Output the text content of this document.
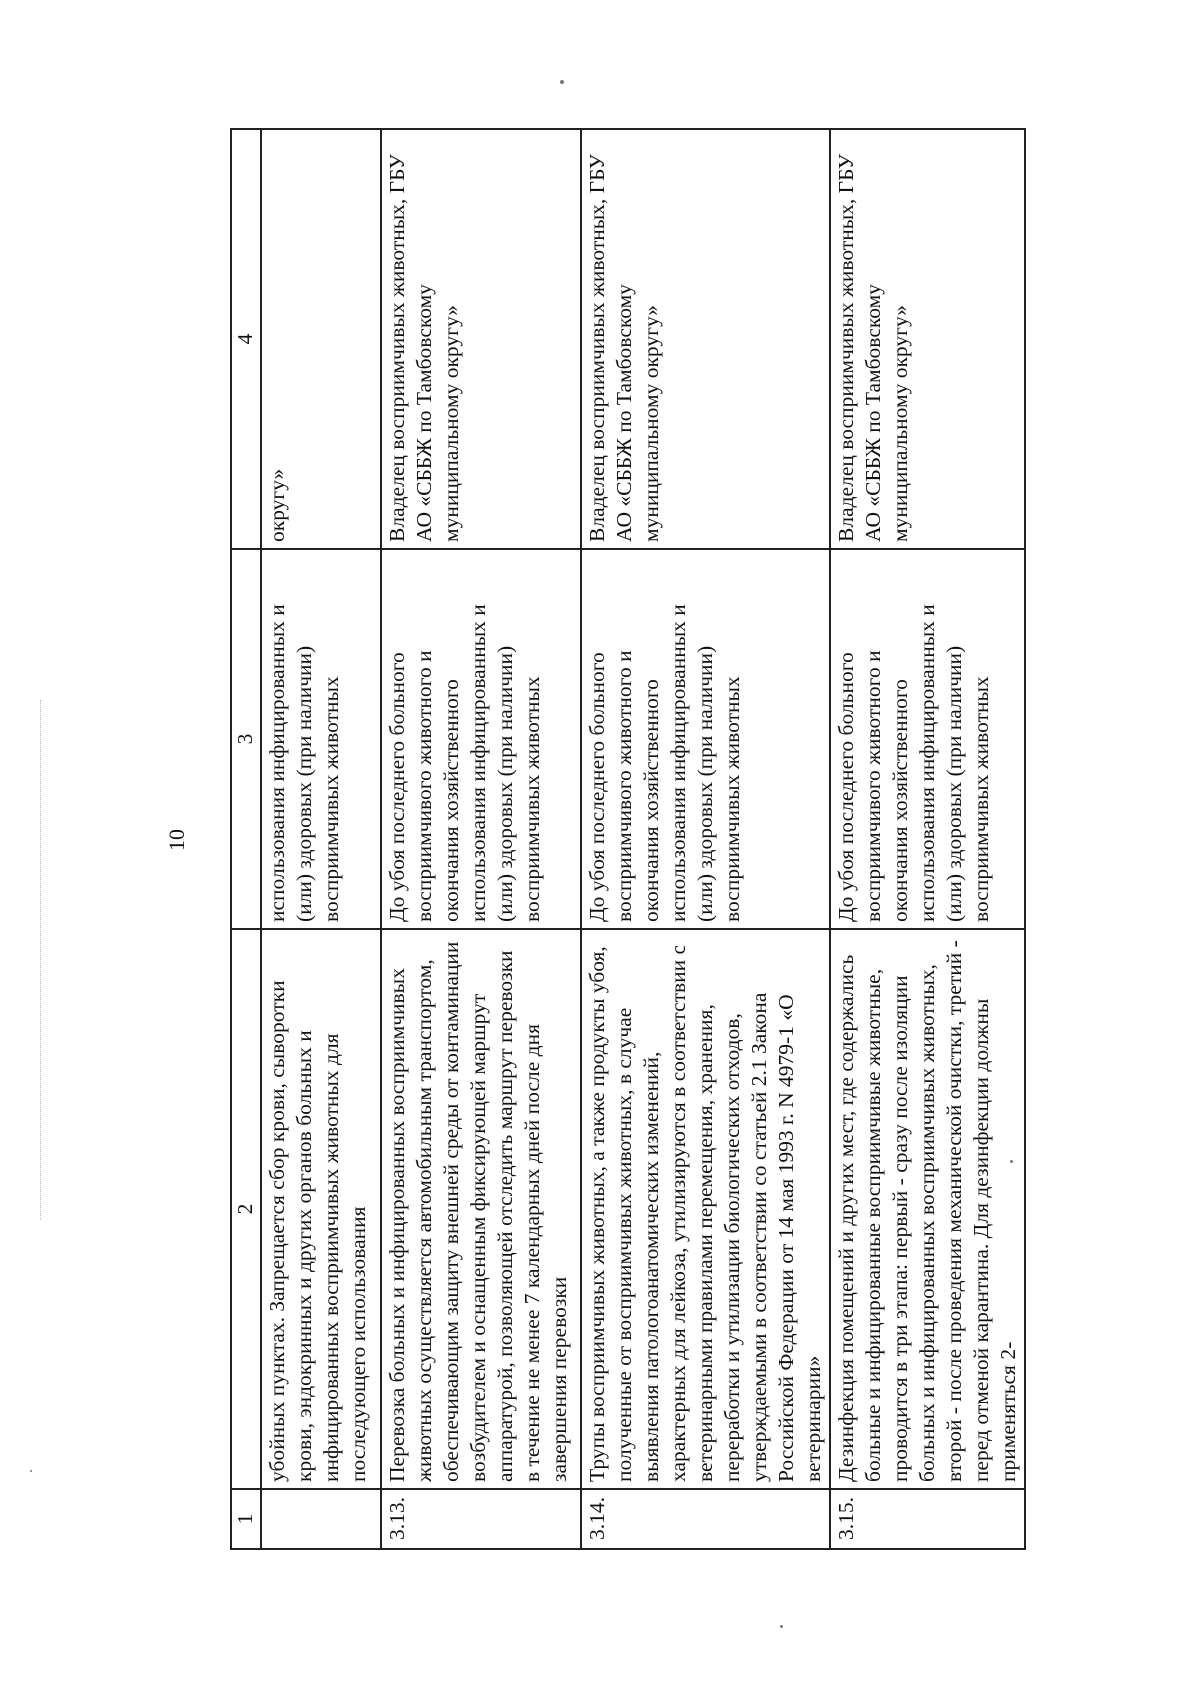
10
1	2	3	4
	убойных пунктах. Запрещается сбор крови, сыворотки крови, эндокринных и других органов больных и инфицированных восприимчивых животных для последующего использования	использования инфицированных и (или) здоровых (при наличии) восприимчивых животных	округу»
3.13.	Перевозка больных и инфицированных восприимчивых животных осуществляется автомобильным транспортом, обеспечивающим защиту внешней среды от контаминации возбудителем и оснащенным фиксирующей маршрут аппаратурой, позволяющей отследить маршрут перевозки в течение не менее 7 календарных дней после дня завершения перевозки	До убоя последнего больного восприимчивого животного и окончания хозяйственного использования инфицированных и (или) здоровых (при наличии) восприимчивых животных	Владелец восприимчивых животных, ГБУ АО «СББЖ по Тамбовскому муниципальному округу»
3.14.	Трупы восприимчивых животных, а также продукты убоя, полученные от восприимчивых животных, в случае выявления патологоанатомических изменений, характерных для лейкоза, утилизируются в соответствии с ветеринарными правилами перемещения, хранения, переработки и утилизации биологических отходов, утверждаемыми в соответствии со статьей 2.1 Закона Российской Федерации от 14 мая 1993 г. N 4979-1 «О ветеринарии»	До убоя последнего больного восприимчивого животного и окончания хозяйственного использования инфицированных и (или) здоровых (при наличии) восприимчивых животных	Владелец восприимчивых животных, ГБУ АО «СББЖ по Тамбовскому муниципальному округу»
3.15.	Дезинфекция помещений и других мест, где содержались больные и инфицированные восприимчивые животные, проводится в три этапа: первый - сразу после изоляции больных и инфицированных восприимчивых животных, второй - после проведения механической очистки, третий - перед отменой карантина. Для дезинфекции должны применяться 2-	До убоя последнего больного восприимчивого животного и окончания хозяйственного использования инфицированных и (или) здоровых (при наличии) восприимчивых животных	Владелец восприимчивых животных, ГБУ АО «СББЖ по Тамбовскому муниципальному округу»
